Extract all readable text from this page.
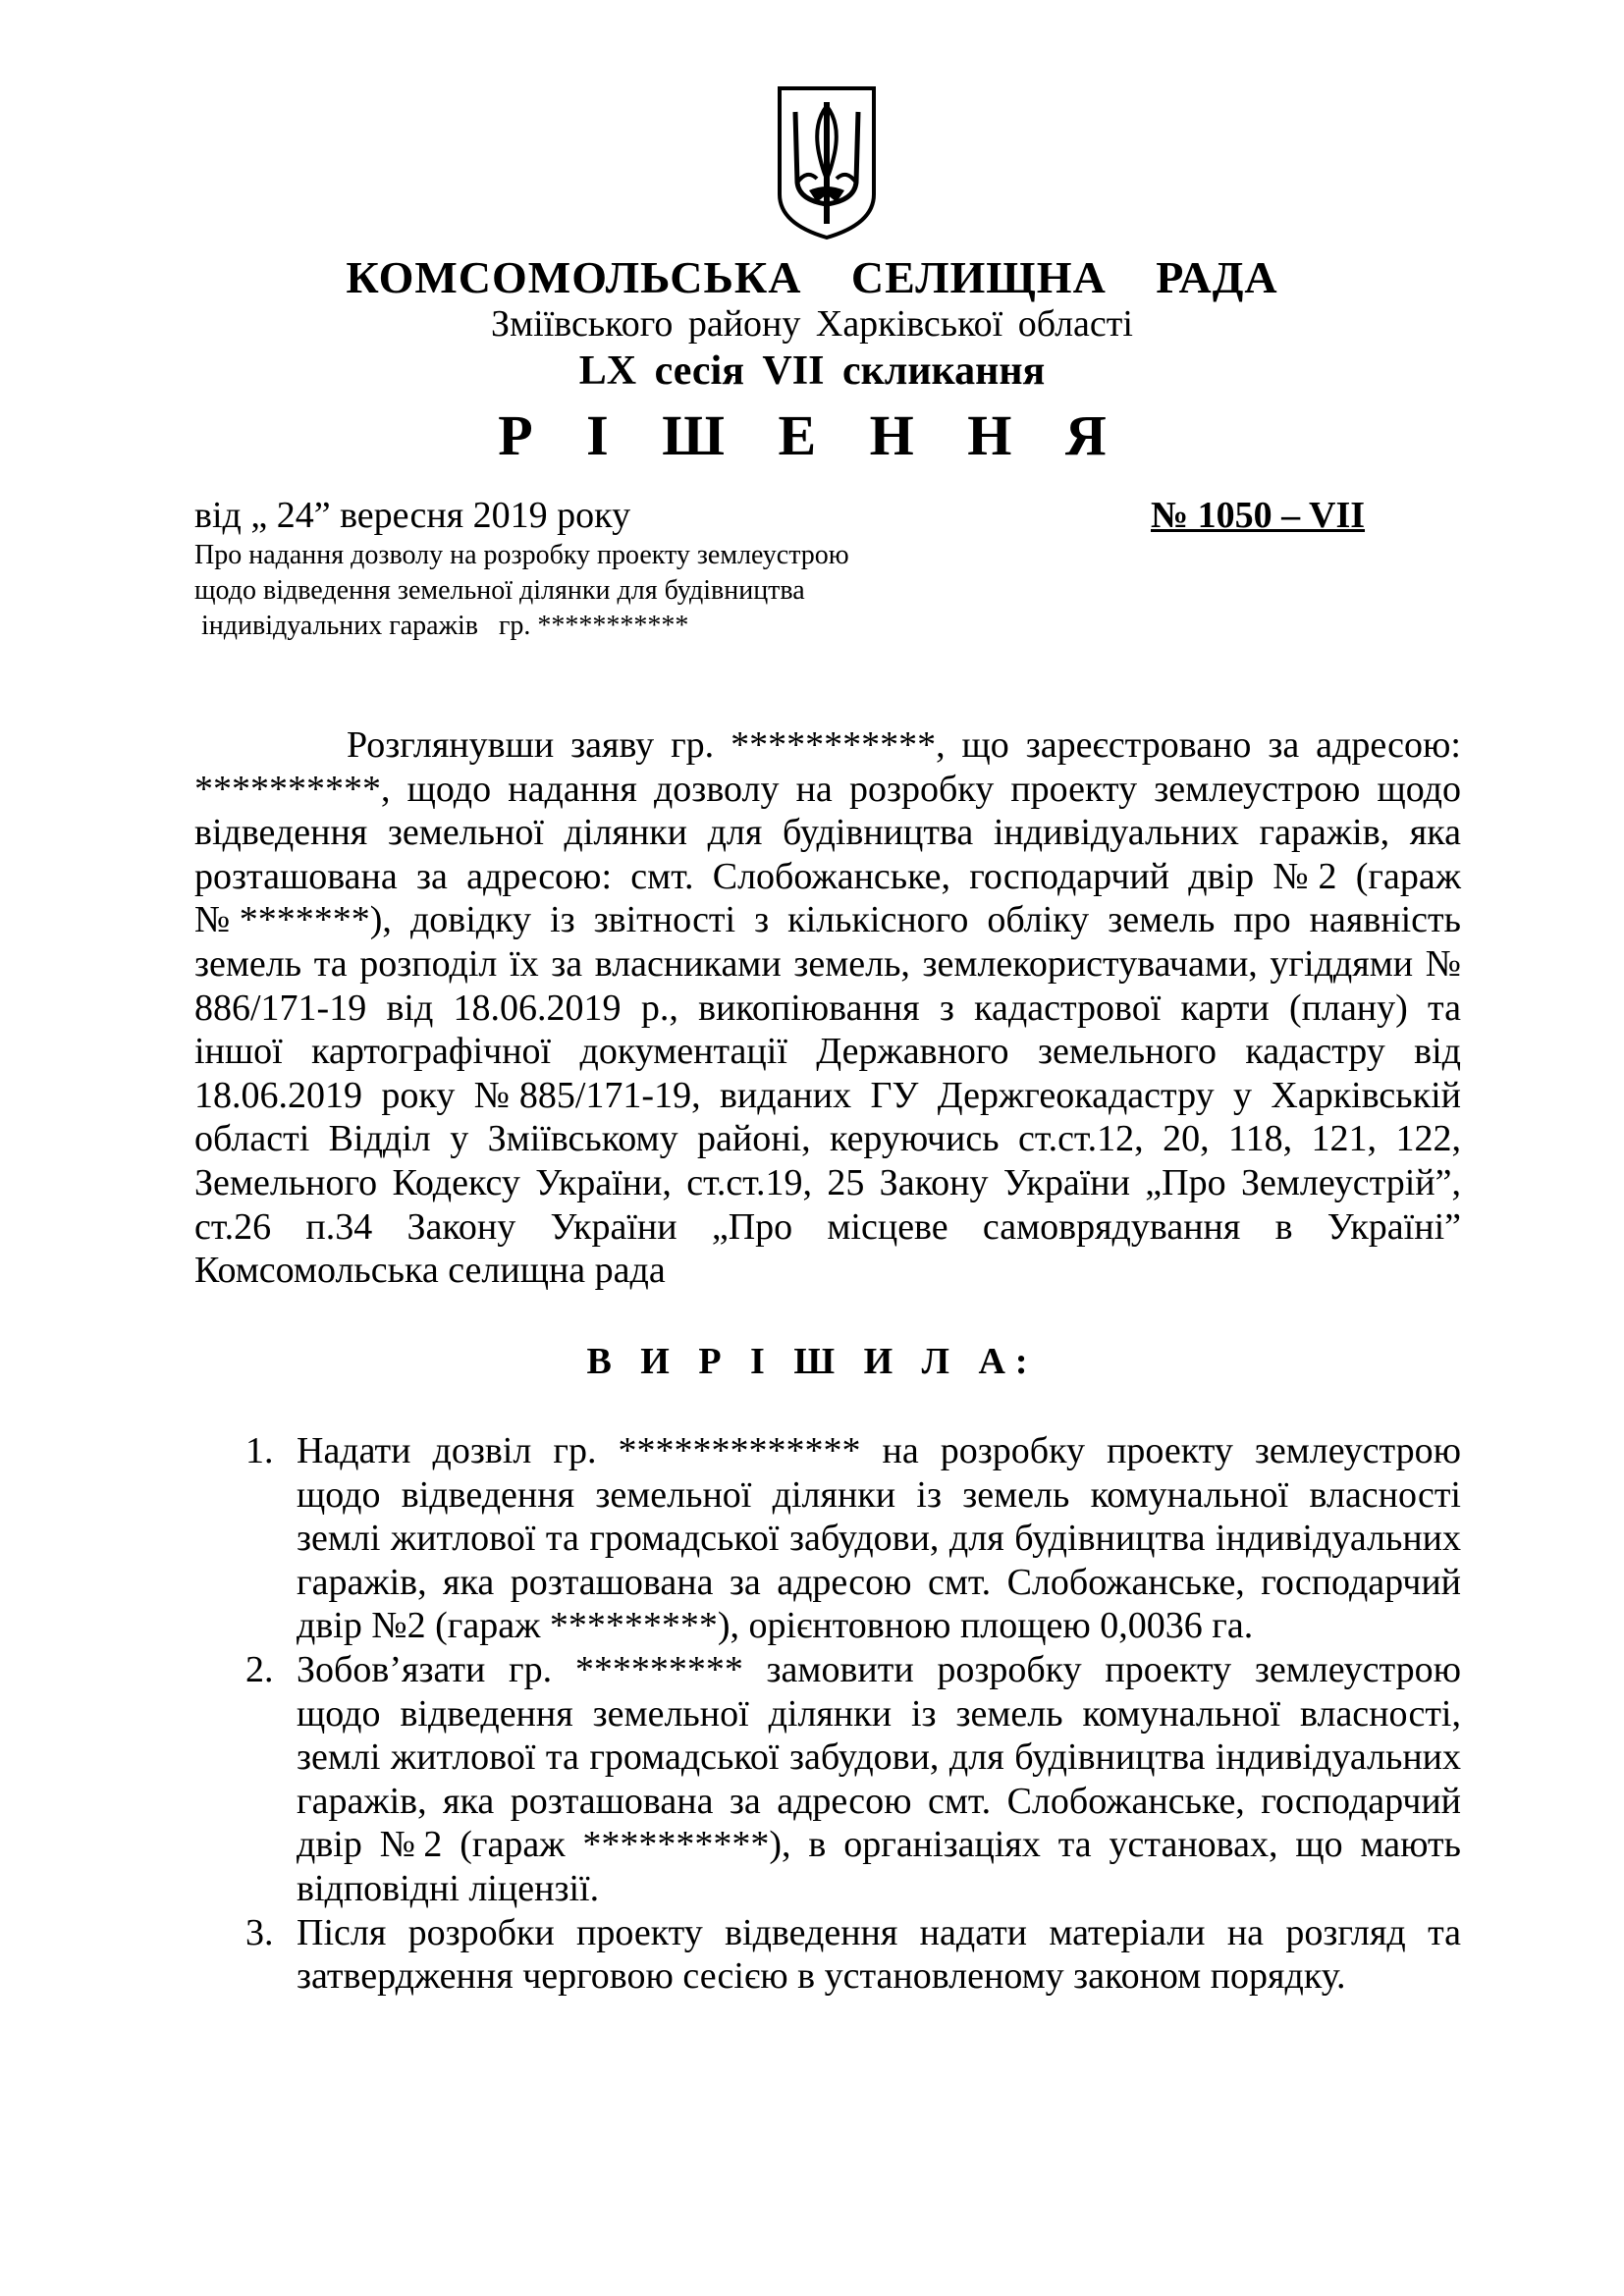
КОМСОМОЛЬСЬКА СЕЛИЩНА РАДА
Зміївського району Харківської області
LX сесія VII скликання
Р І Ш Е Н Н Я
від „ 24” вересня 2019 року	№ 1050 – VII
Про надання дозволу на розробку проекту землеустрою
щодо відведення земельної ділянки для будівництва
індивідуальних гаражів   гр. ***********
Розглянувши заяву гр. ***********, що зареєстровано за адресою: **********, щодо надання дозволу на розробку проекту землеустрою щодо відведення земельної ділянки для будівництва індивідуальних гаражів, яка розташована за адресою: смт. Слобожанське, господарчий двір №2 (гараж №*******), довідку із звітності з кількісного обліку земель про наявність земель та розподіл їх за власниками земель, землекористувачами, угіддями № 886/171-19 від 18.06.2019 р., викопіювання з кадастрової карти (плану) та іншої картографічної документації Державного земельного кадастру від 18.06.2019 року №885/171-19, виданих ГУ Держгеокадастру у Харківській області Відділ у Зміївському районі, керуючись ст.ст.12, 20, 118, 121, 122, Земельного Кодексу України, ст.ст.19, 25 Закону України „Про Землеустрій”, ст.26 п.34 Закону України „Про місцеве самоврядування в Україні” Комсомольська селищна рада
В И Р І Ш И Л А:
1. Надати дозвіл гр. ************* на розробку проекту землеустрою щодо відведення земельної ділянки із земель комунальної власності землі житлової та громадської забудови, для будівництва індивідуальних гаражів, яка розташована за адресою смт. Слобожанське, господарчий двір №2 (гараж *********), орієнтовною площею 0,0036 га.
2. Зобов’язати гр. ********* замовити розробку проекту землеустрою щодо відведення земельної ділянки із земель комунальної власності, землі житлової та громадської забудови, для будівництва індивідуальних гаражів, яка розташована за адресою смт. Слобожанське, господарчий двір №2 (гараж **********), в організаціях та установах, що мають відповідні ліцензії.
3. Після розробки проекту відведення надати матеріали на розгляд та затвердження черговою сесією в установленому законом порядку.
